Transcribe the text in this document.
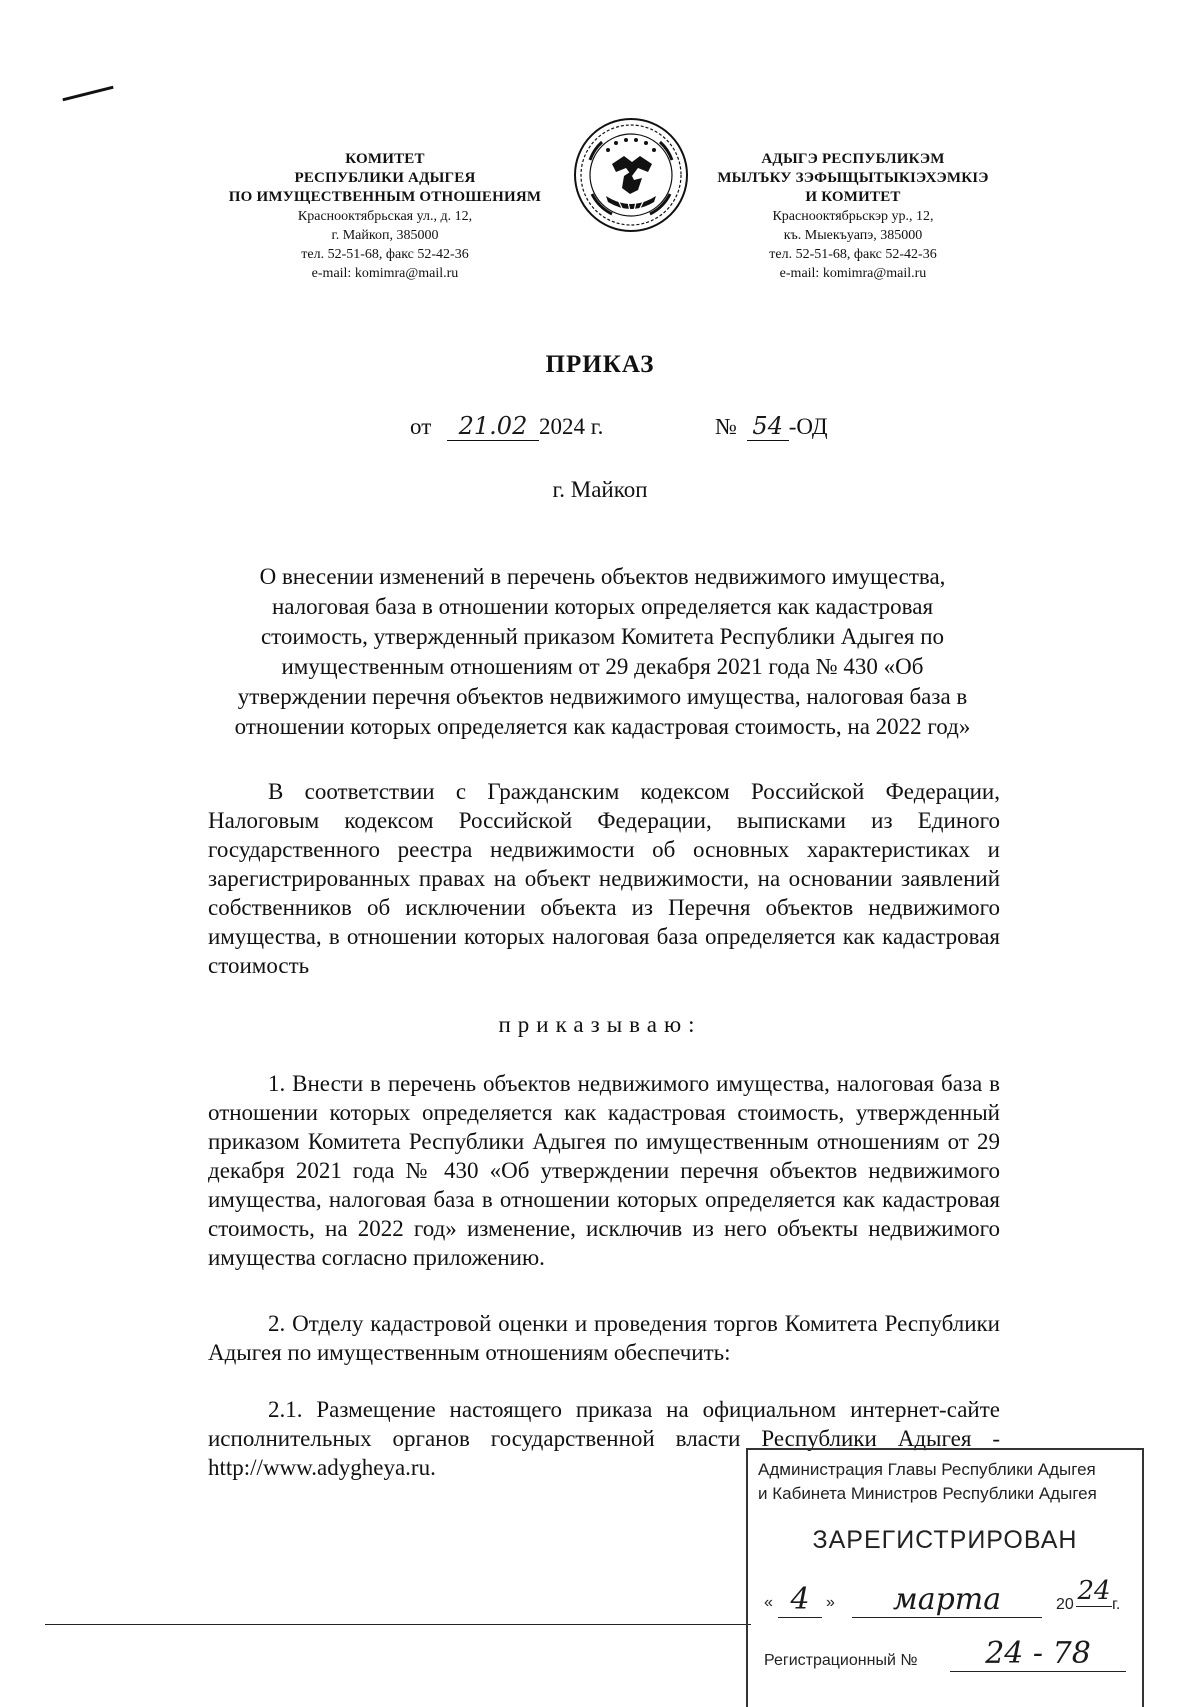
КОМИТЕТ
РЕСПУБЛИКИ АДЫГЕЯ
ПО ИМУЩЕСТВЕННЫМ ОТНОШЕНИЯМ
Краснооктябрьская ул., д. 12,
г. Майкоп, 385000
тел. 52-51-68, факс 52-42-36
e-mail: komimra@mail.ru
АДЫГЭ РЕСПУБЛИКЭМ
МЫЛЪКУ ЗЭФЫЩЫТЫКІЭХЭМКІЭ
И КОМИТЕТ
Краснооктябрьскэр ур., 12,
къ. Мыекъуапэ, 385000
тел. 52-51-68, факс 52-42-36
e-mail: komimra@mail.ru
ПРИКАЗ
от 21.02 2024 г.	№ 54 -ОД
г. Майкоп
О внесении изменений в перечень объектов недвижимого имущества,
налоговая база в отношении которых определяется как кадастровая
стоимость, утвержденный приказом Комитета Республики Адыгея по
имущественным отношениям от 29 декабря 2021 года № 430 «Об
утверждении перечня объектов недвижимого имущества, налоговая база в
отношении которых определяется как кадастровая стоимость, на 2022 год»
В соответствии с Гражданским кодексом Российской Федерации, Налоговым кодексом Российской Федерации, выписками из Единого государственного реестра недвижимости об основных характеристиках и зарегистрированных правах на объект недвижимости, на основании заявлений собственников об исключении объекта из Перечня объектов недвижимого имущества, в отношении которых налоговая база определяется как кадастровая стоимость
приказываю:
1. Внести в перечень объектов недвижимого имущества, налоговая база в отношении которых определяется как кадастровая стоимость, утвержденный приказом Комитета Республики Адыгея по имущественным отношениям от 29 декабря 2021 года № 430 «Об утверждении перечня объектов недвижимого имущества, налоговая база в отношении которых определяется как кадастровая стоимость, на 2022 год» изменение, исключив из него объекты недвижимого имущества согласно приложению.
2. Отделу кадастровой оценки и проведения торгов Комитета Республики Адыгея по имущественным отношениям обеспечить:
2.1. Размещение настоящего приказа на официальном интернет-сайте исполнительных органов государственной власти Республики Адыгея - http://www.adygheya.ru.	Администрация Главы Республики Адыгея
и Кабинета Министров Республики Адыгея
ЗАРЕГИСТРИРОВАН
« 4	»	марта	20 24 г.
Регистрационный №	24 - 78
